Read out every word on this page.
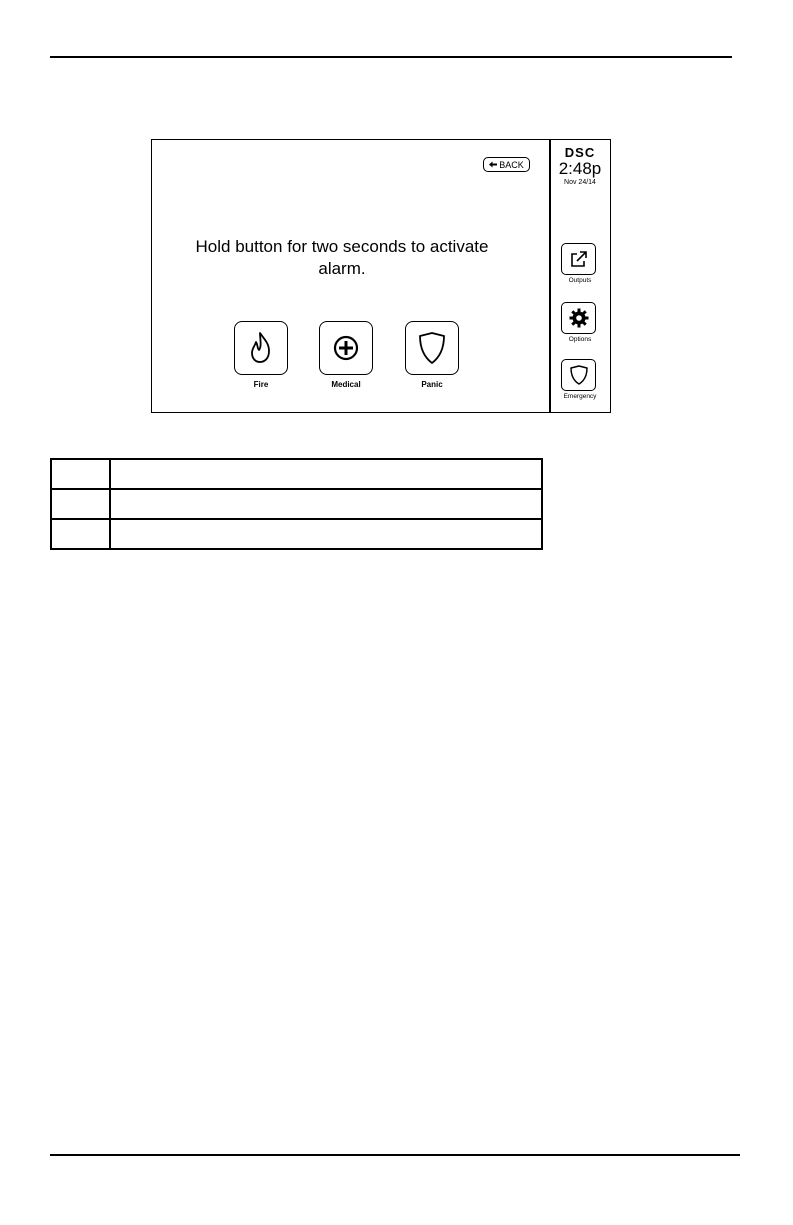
BACK
Hold button for two seconds to activate alarm.
Fire	Medical	Panic
DSC
2:48p
Nov 24/14
Outputs
Options
Emergency
